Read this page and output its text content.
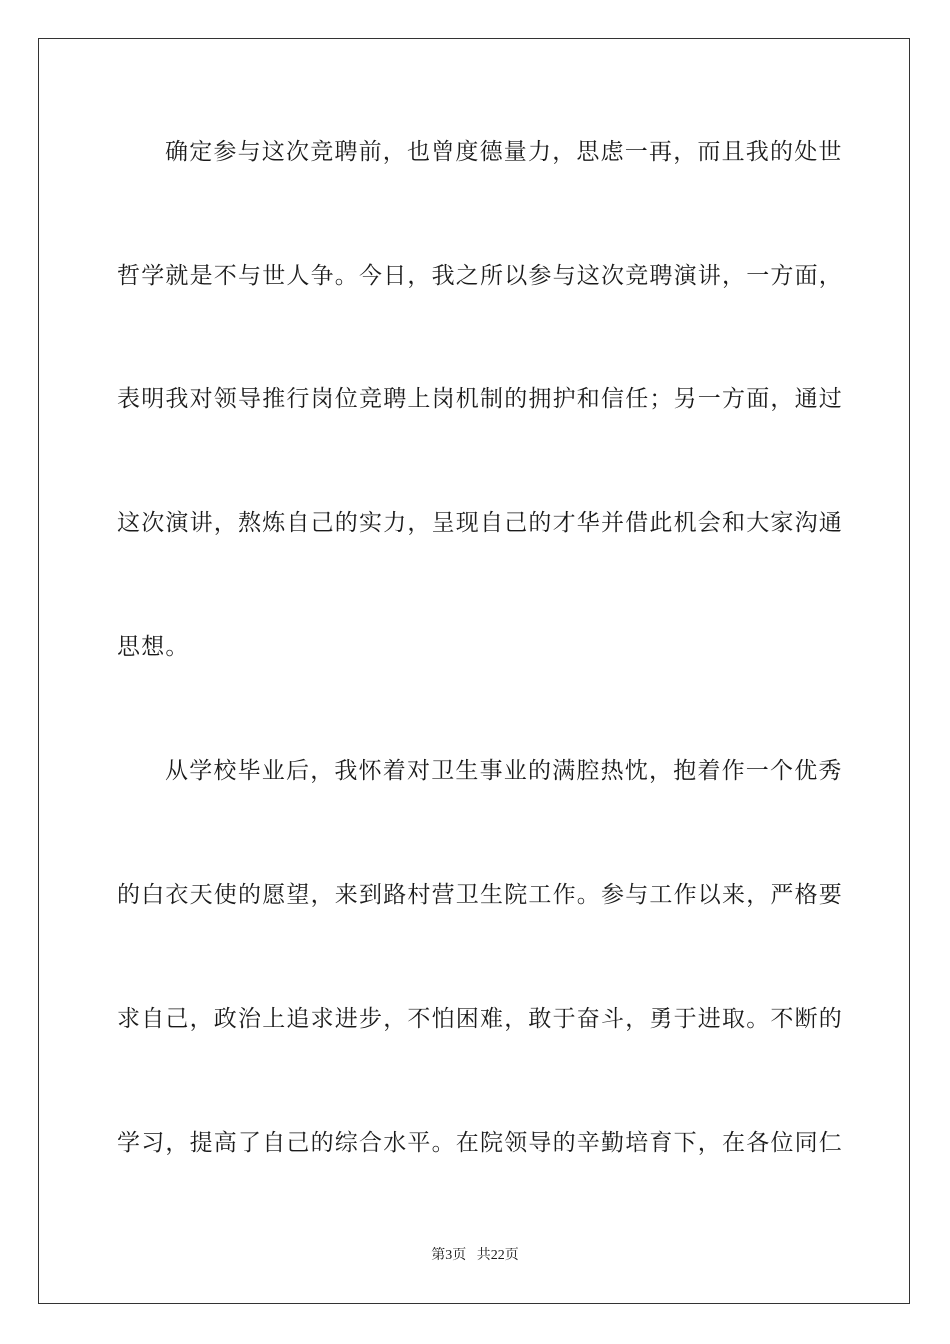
确定参与这次竞聘前，也曾度德量力，思虑一再，而且我的处世
哲学就是不与世人争。今日，我之所以参与这次竞聘演讲，一方面，
表明我对领导推行岗位竞聘上岗机制的拥护和信任；另一方面，通过
这次演讲，熬炼自己的实力，呈现自己的才华并借此机会和大家沟通
思想。
从学校毕业后，我怀着对卫生事业的满腔热忱，抱着作一个优秀
的白衣天使的愿望，来到路村营卫生院工作。参与工作以来，严格要
求自己，政治上追求进步，不怕困难，敢于奋斗，勇于进取。不断的
学习，提高了自己的综合水平。在院领导的辛勤培育下，在各位同仁
第3页 共22页
